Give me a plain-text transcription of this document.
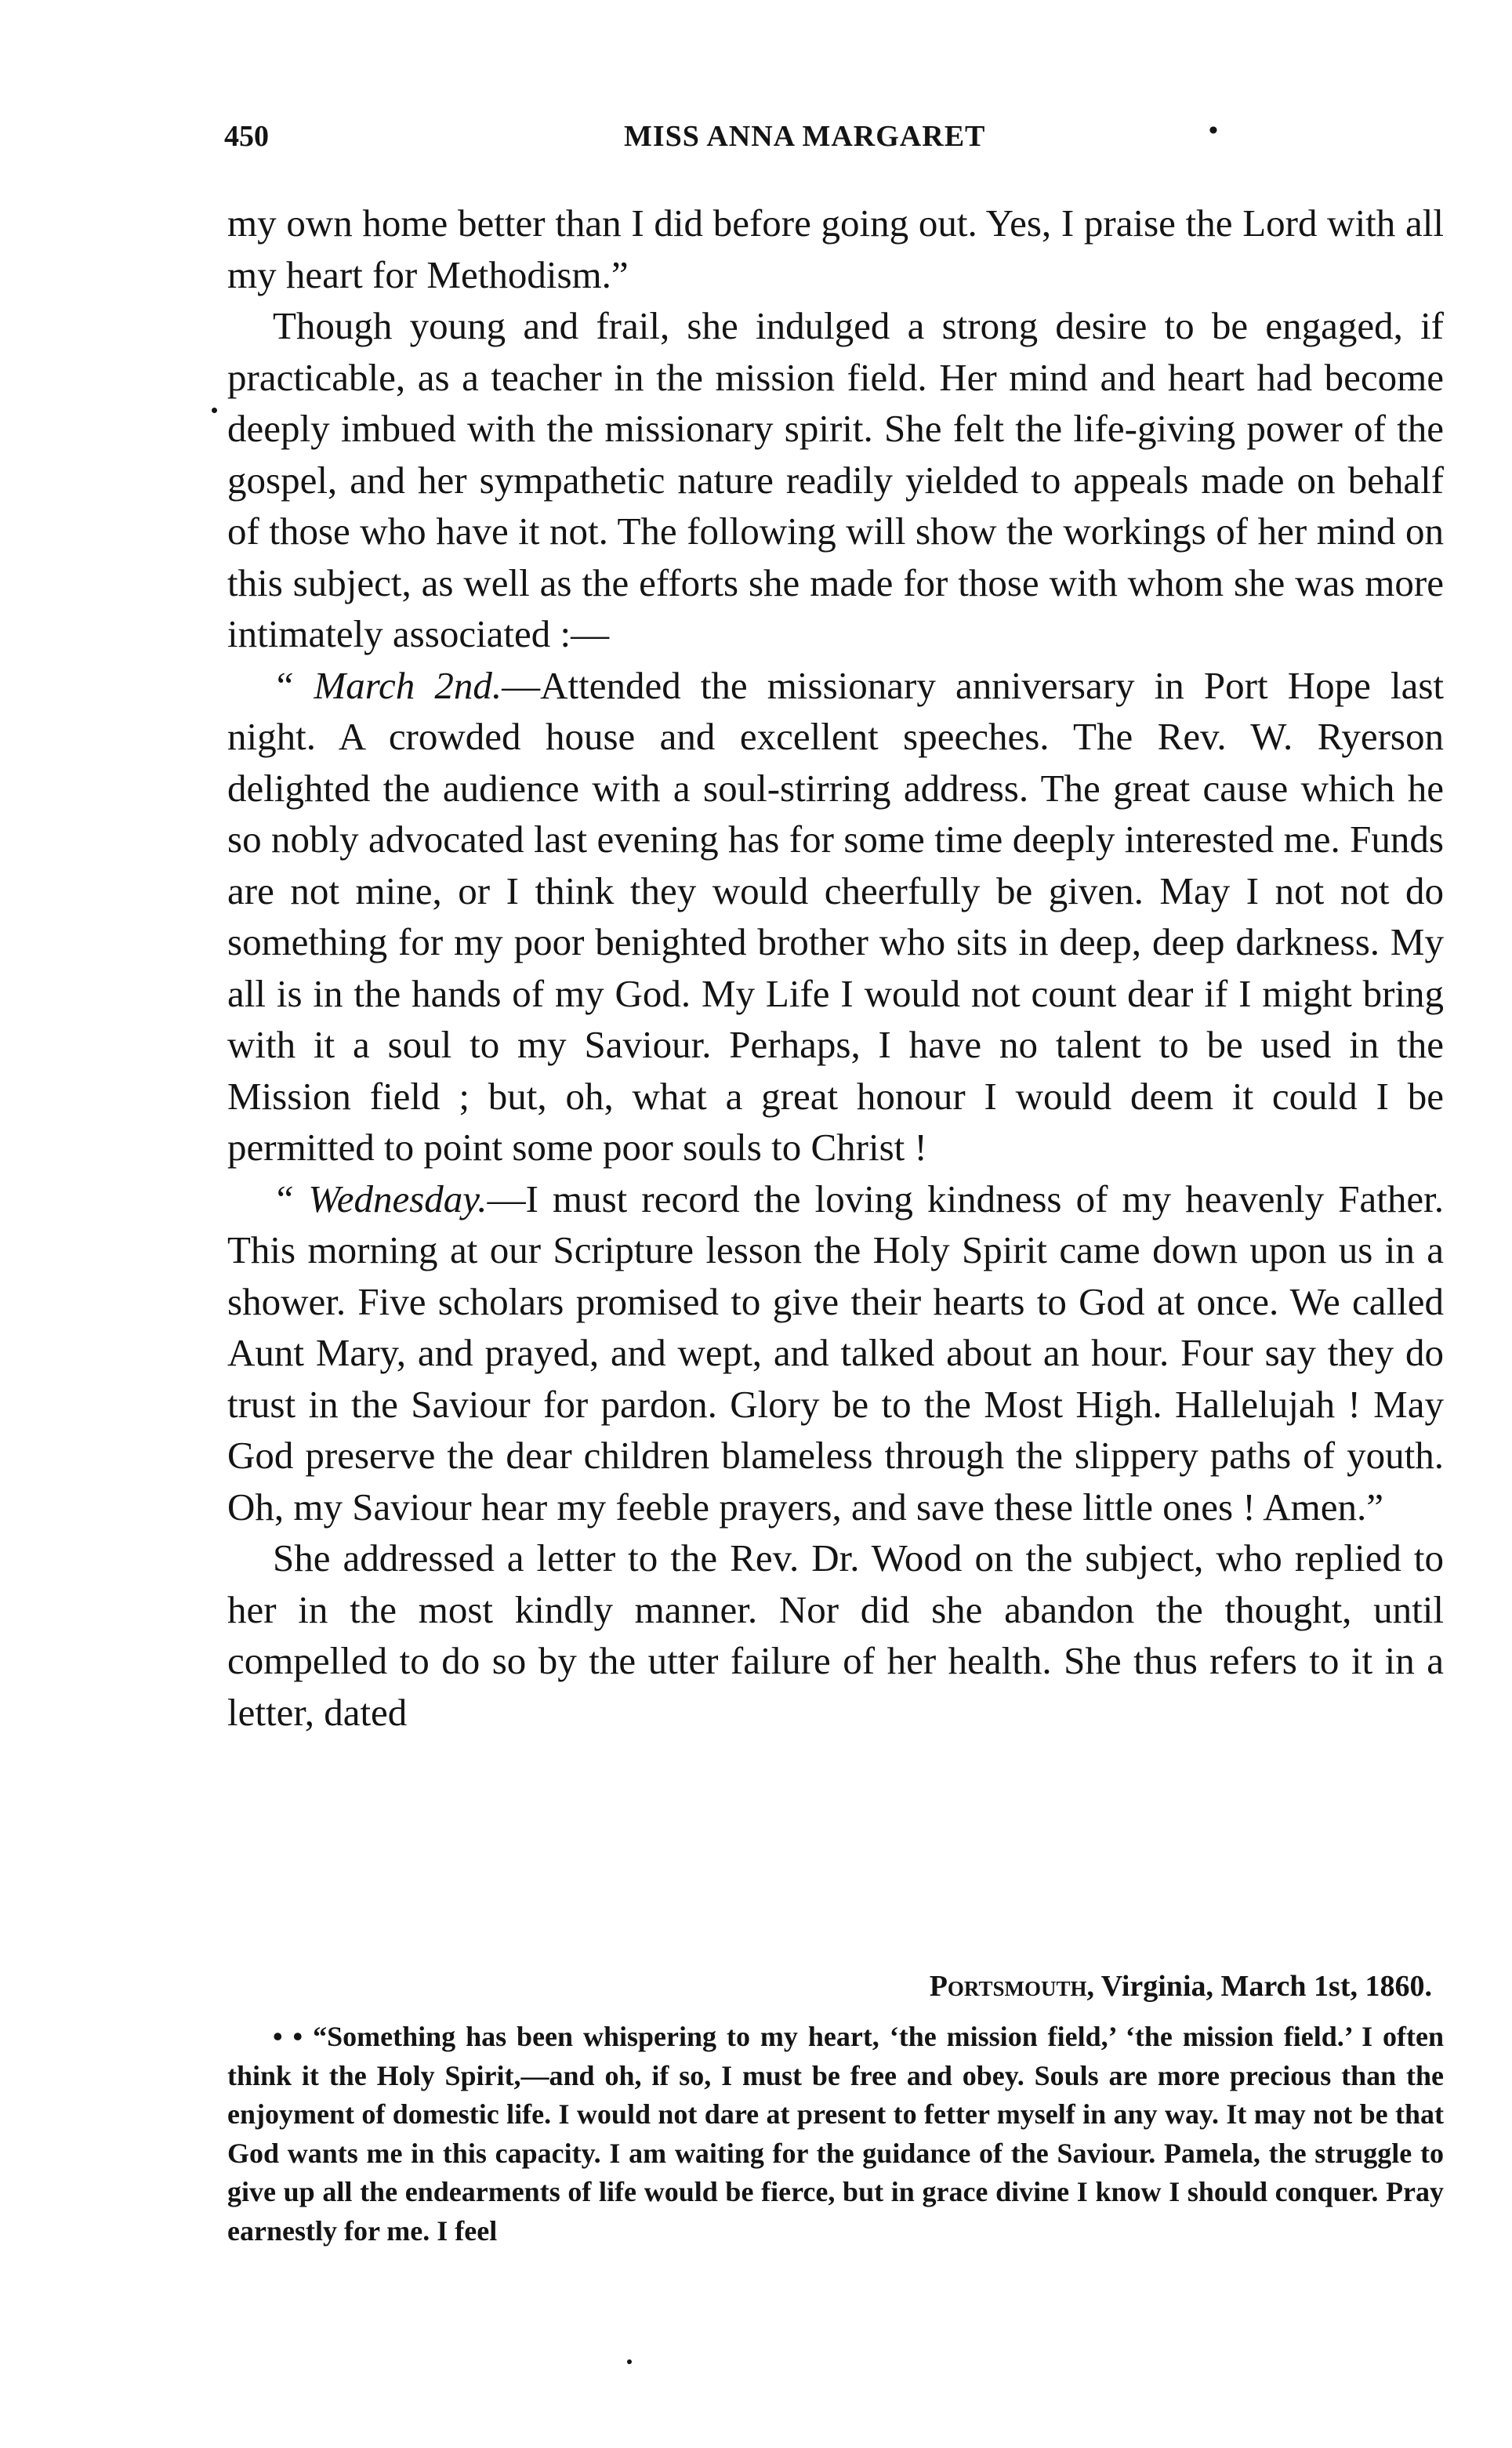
450	MISS ANNA MARGARET	•

my own home better than I did before going out. Yes, I praise the Lord with all my heart for Methodism.”

Though young and frail, she indulged a strong desire to be engaged, if practicable, as a teacher in the mission field. Her mind and heart had become deeply imbued with the missionary spirit. She felt the life-giving power of the gospel, and her sympathetic nature readily yielded to appeals made on behalf of those who have it not. The following will show the workings of her mind on this subject, as well as the efforts she made for those with whom she was more intimately associated :—

“ March 2nd.—Attended the missionary anniversary in Port Hope last night. A crowded house and excellent speeches. The Rev. W. Ryerson delighted the audience with a soul-stirring address. The great cause which he so nobly advocated last evening has for some time deeply interested me. Funds are not mine, or I think they would cheerfully be given. May I not not do something for my poor benighted brother who sits in deep, deep darkness. My all is in the hands of my God. My Life I would not count dear if I might bring with it a soul to my Saviour. Perhaps, I have no talent to be used in the Mission field ; but, oh, what a great honour I would deem it could I be permitted to point some poor souls to Christ !

“ Wednesday.—I must record the loving kindness of my heavenly Father. This morning at our Scripture lesson the Holy Spirit came down upon us in a shower. Five scholars promised to give their hearts to God at once. We called Aunt Mary, and prayed, and wept, and talked about an hour. Four say they do trust in the Saviour for pardon. Glory be to the Most High. Hallelujah ! May God preserve the dear children blameless through the slippery paths of youth. Oh, my Saviour hear my feeble prayers, and save these little ones ! Amen.”

She addressed a letter to the Rev. Dr. Wood on the subject, who replied to her in the most kindly manner. Nor did she abandon the thought, until compelled to do so by the utter failure of her health. She thus refers to it in a letter, dated

Portsmouth, Virginia, March 1st, 1860.

• • “Something has been whispering to my heart, ‘the mission field,’ ‘the mission field.’ I often think it the Holy Spirit,—and oh, if so, I must be free and obey. Souls are more precious than the enjoyment of domestic life. I would not dare at present to fetter myself in any way. It may not be that God wants me in this capacity. I am waiting for the guidance of the Saviour. Pamela, the struggle to give up all the endearments of life would be fierce, but in grace divine I know I should conquer. Pray earnestly for me. I feel
